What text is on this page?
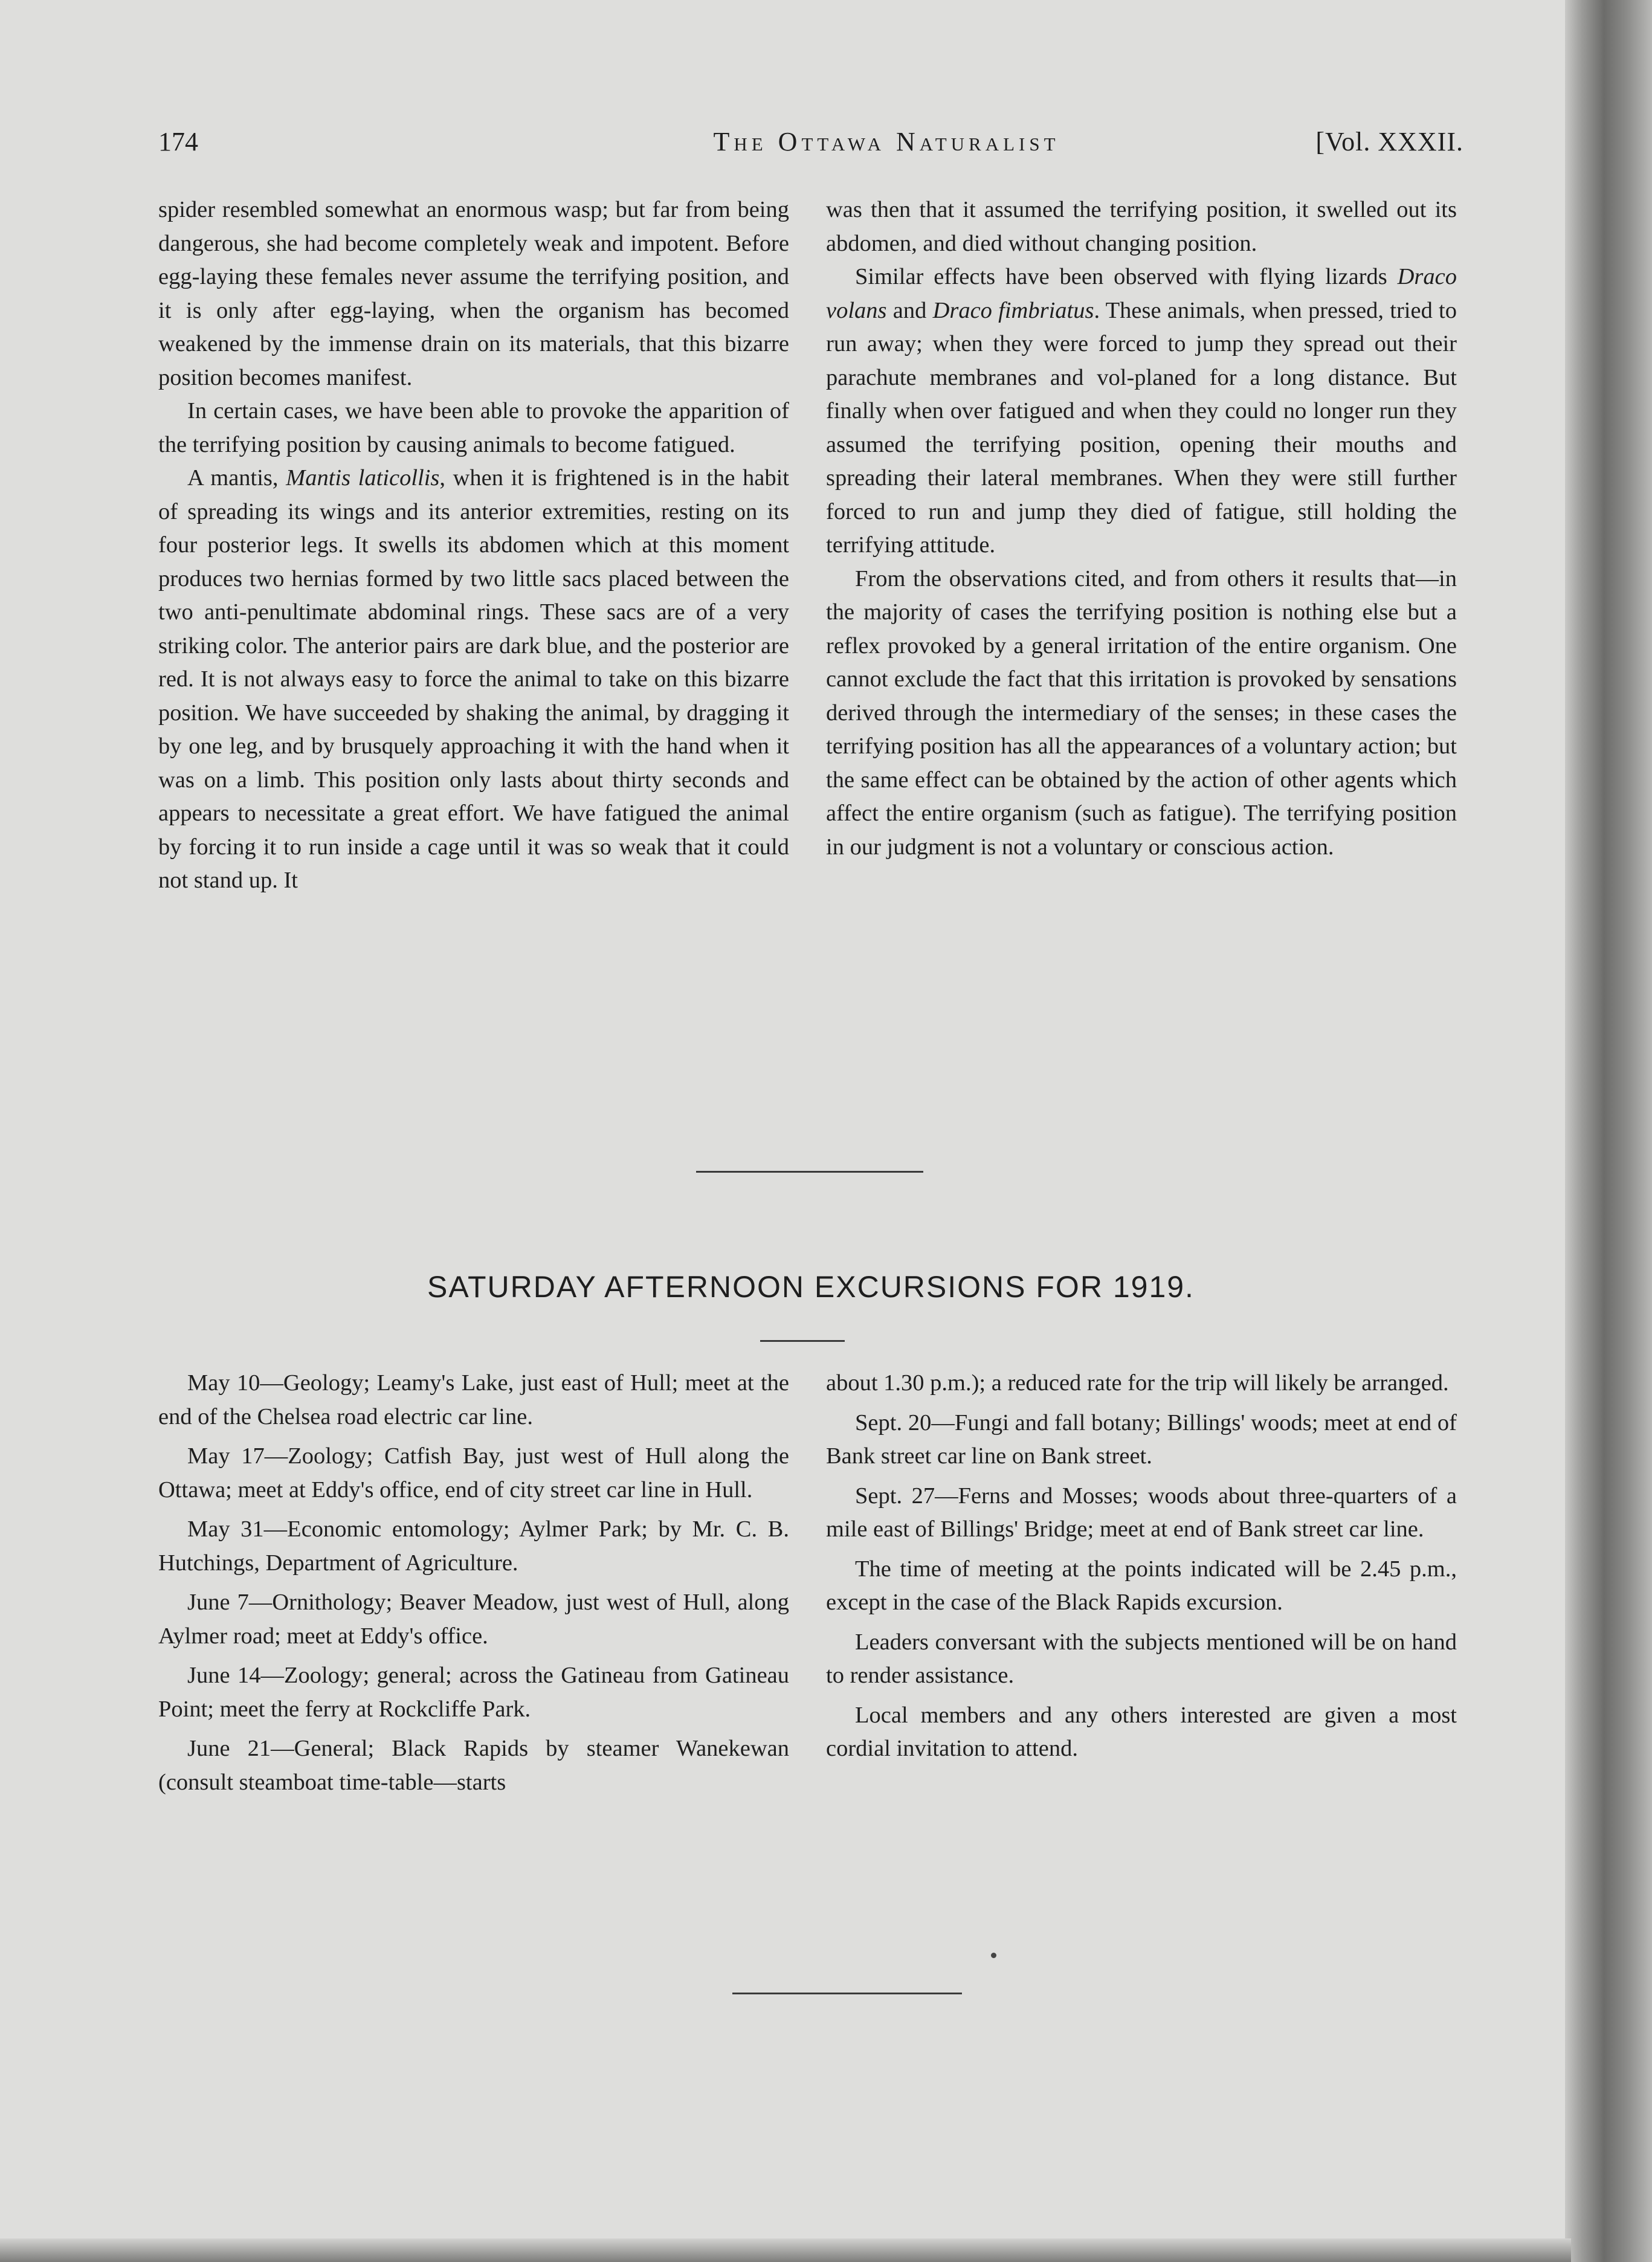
174	The Ottawa Naturalist	[Vol. XXXII.

spider resembled somewhat an enormous wasp; but far from being dangerous, she had become completely weak and impotent. Before egg-laying these females never assume the terrifying position, and it is only after egg-laying, when the organism has becomed weakened by the immense drain on its materials, that this bizarre position becomes manifest.

In certain cases, we have been able to provoke the apparition of the terrifying position by causing animals to become fatigued.

A mantis, Mantis laticollis, when it is frightened is in the habit of spreading its wings and its anterior extremities, resting on its four posterior legs. It swells its abdomen which at this moment produces two hernias formed by two little sacs placed between the two anti-penultimate abdominal rings. These sacs are of a very striking color. The anterior pairs are dark blue, and the posterior are red. It is not always easy to force the animal to take on this bizarre position. We have succeeded by shaking the animal, by dragging it by one leg, and by brusquely approaching it with the hand when it was on a limb. This position only lasts about thirty seconds and appears to necessitate a great effort. We have fatigued the animal by forcing it to run inside a cage until it was so weak that it could not stand up. It

was then that it assumed the terrifying position, it swelled out its abdomen, and died without changing position.

Similar effects have been observed with flying lizards Draco volans and Draco fimbriatus. These animals, when pressed, tried to run away; when they were forced to jump they spread out their parachute membranes and vol-planed for a long distance. But finally when over fatigued and when they could no longer run they assumed the terrifying position, opening their mouths and spreading their lateral membranes. When they were still further forced to run and jump they died of fatigue, still holding the terrifying attitude.

From the observations cited, and from others it results that—in the majority of cases the terrifying position is nothing else but a reflex provoked by a general irritation of the entire organism. One cannot exclude the fact that this irritation is provoked by sensations derived through the intermediary of the senses; in these cases the terrifying position has all the appearances of a voluntary action; but the same effect can be obtained by the action of other agents which affect the entire organism (such as fatigue). The terrifying position in our judgment is not a voluntary or conscious action.

SATURDAY AFTERNOON EXCURSIONS FOR 1919.

May 10—Geology; Leamy's Lake, just east of Hull; meet at the end of the Chelsea road electric car line.

May 17—Zoology; Catfish Bay, just west of Hull along the Ottawa; meet at Eddy's office, end of city street car line in Hull.

May 31—Economic entomology; Aylmer Park; by Mr. C. B. Hutchings, Department of Agriculture.

June 7—Ornithology; Beaver Meadow, just west of Hull, along Aylmer road; meet at Eddy's office.

June 14—Zoology; general; across the Gatineau from Gatineau Point; meet the ferry at Rockcliffe Park.

June 21—General; Black Rapids by steamer Wanekewan (consult steamboat time-table—starts

about 1.30 p.m.); a reduced rate for the trip will likely be arranged.

Sept. 20—Fungi and fall botany; Billings' woods; meet at end of Bank street car line on Bank street.

Sept. 27—Ferns and Mosses; woods about three-quarters of a mile east of Billings' Bridge; meet at end of Bank street car line.

The time of meeting at the points indicated will be 2.45 p.m., except in the case of the Black Rapids excursion.

Leaders conversant with the subjects mentioned will be on hand to render assistance.

Local members and any others interested are given a most cordial invitation to attend.
